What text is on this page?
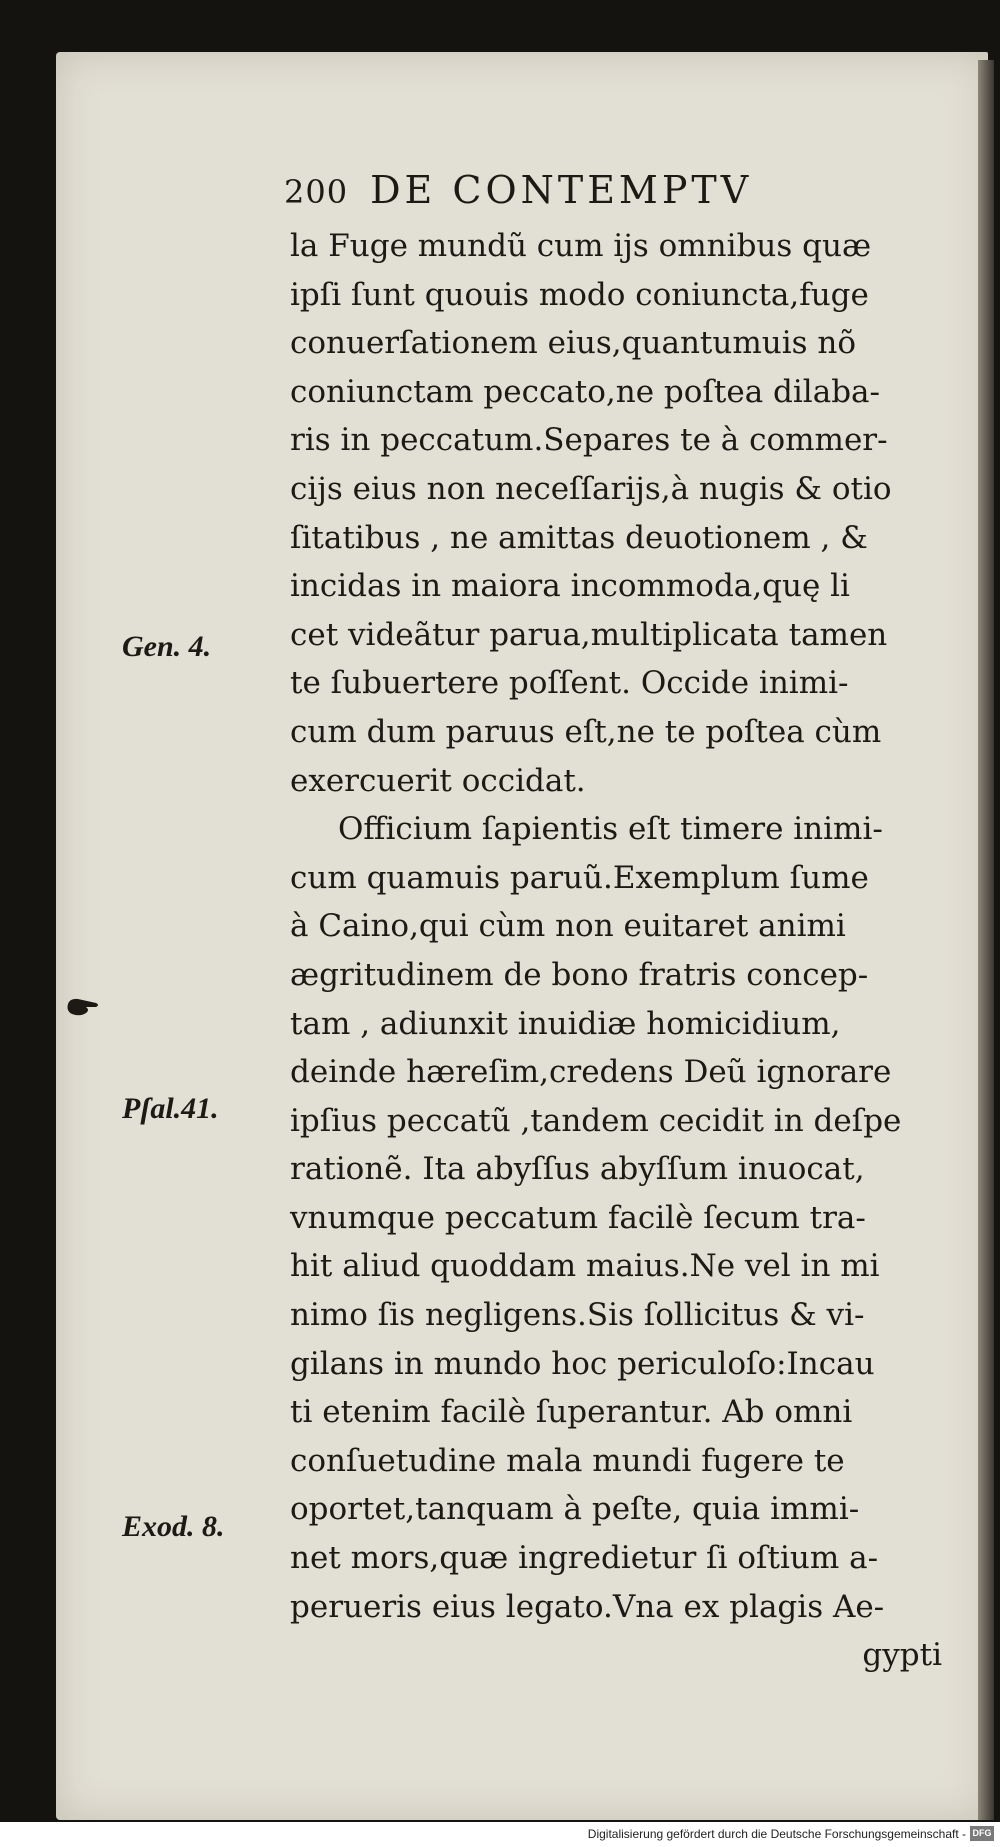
200 DE CONTEMPTV
la Fuge mundũ cum ijs omnibus quæ
ipſi ſunt quouis modo coniuncta,fuge
conuerſationem eius,quantumuis nõ
coniunctam peccato,ne poſtea dilaba-
ris in peccatum.Separes te à commer-
cijs eius non neceſſarijs,à nugis & otio
ſitatibus , ne amittas deuotionem , &
incidas in maiora incommoda,quę li
cet videãtur parua,multiplicata tamen
te ſubuertere poſſent. Occide inimi-
cum dum paruus eſt,ne te poſtea cùm
exercuerit occidat.
Officium ſapientis eſt timere inimi-
cum quamuis paruũ.Exemplum ſume
à Caino,qui cùm non euitaret animi
ægritudinem de bono fratris concep-
tam , adiunxit inuidiæ homicidium,
deinde hæreſim,credens Deũ ignorare
ipſius peccatũ ,tandem cecidit in deſpe
rationẽ. Ita abyſſus abyſſum inuocat,
vnumque peccatum facilè ſecum tra-
hit aliud quoddam maius.Ne vel in mi
nimo ſis negligens.Sis ſollicitus & vi-
gilans in mundo hoc periculoſo:Incau
ti etenim facilè ſuperantur. Ab omni
conſuetudine mala mundi fugere te
oportet,tanquam à peſte, quia immi-
net mors,quæ ingredietur ſi oſtium a-
perueris eius legato.Vna ex plagis Ae-
gypti
Gen. 4.
Pſal.41.
Exod. 8.
Digitalisierung gefördert durch die Deutsche Forschungsgemeinschaft - DFG
